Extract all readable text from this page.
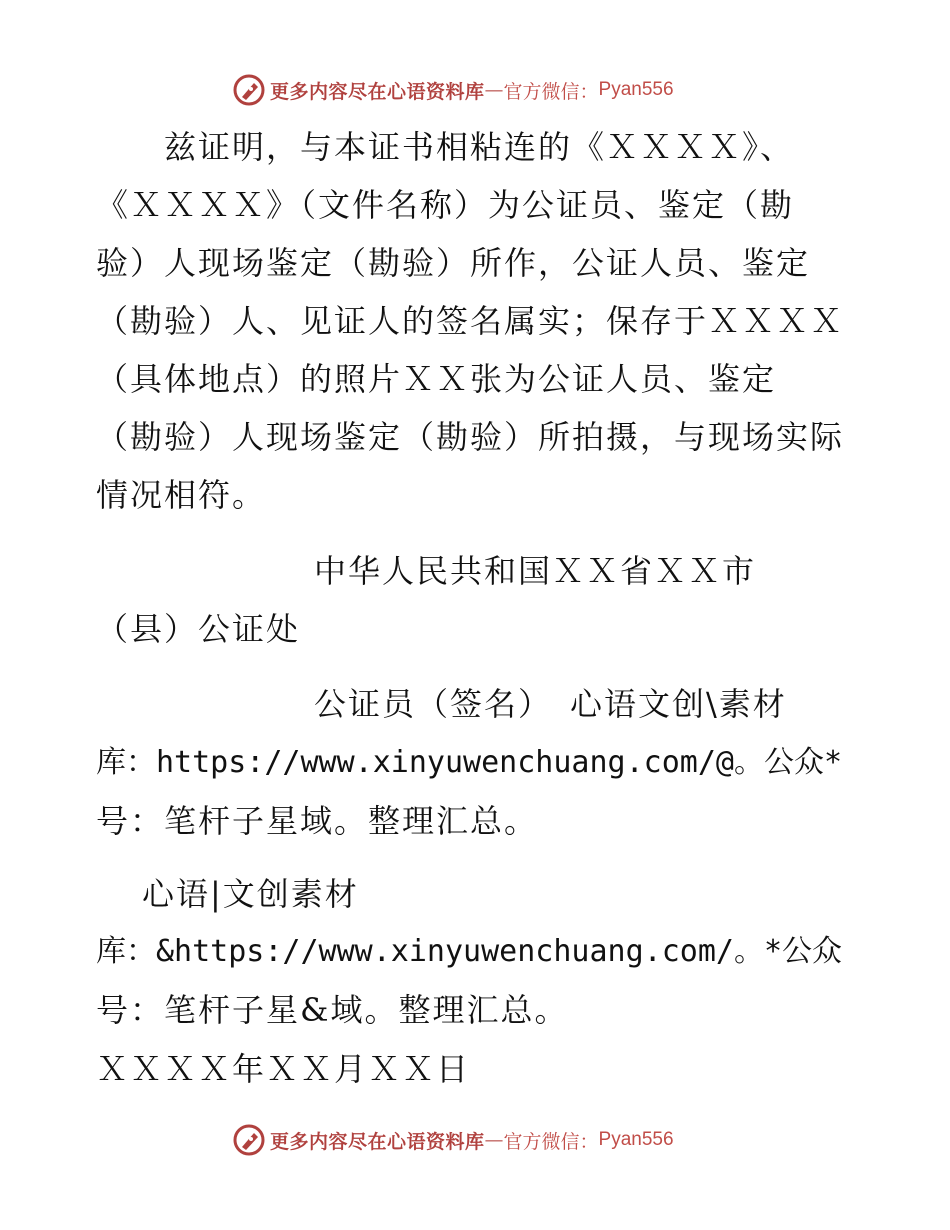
更多内容尽在心语资料库 — 官方微信： Pyan556
　　兹证明，与本证书相粘连的《ＸＸＸＸ》、
《ＸＸＸＸ》（文件名称）为公证员、鉴定（勘
验）人现场鉴定（勘验）所作，公证人员、鉴定
（勘验）人、见证人的签名属实；保存于ＸＸＸＸ
（具体地点）的照片ＸＸ张为公证人员、鉴定
（勘验）人现场鉴定（勘验）所拍摄，与现场实际
情况相符。
中华人民共和国ＸＸ省ＸＸ市
（县）公证处
公证员（签名）　心语文创\素材
库：https://www.xinyuwenchuang.com/@。公众*
号：笔杆子星域。整理汇总。
心语|文创素材
库：&https://www.xinyuwenchuang.com/。*公众
号：笔杆子星&域。整理汇总。
ＸＸＸＸ年ＸＸ月ＸＸ日
更多内容尽在心语资料库 — 官方微信： Pyan556
